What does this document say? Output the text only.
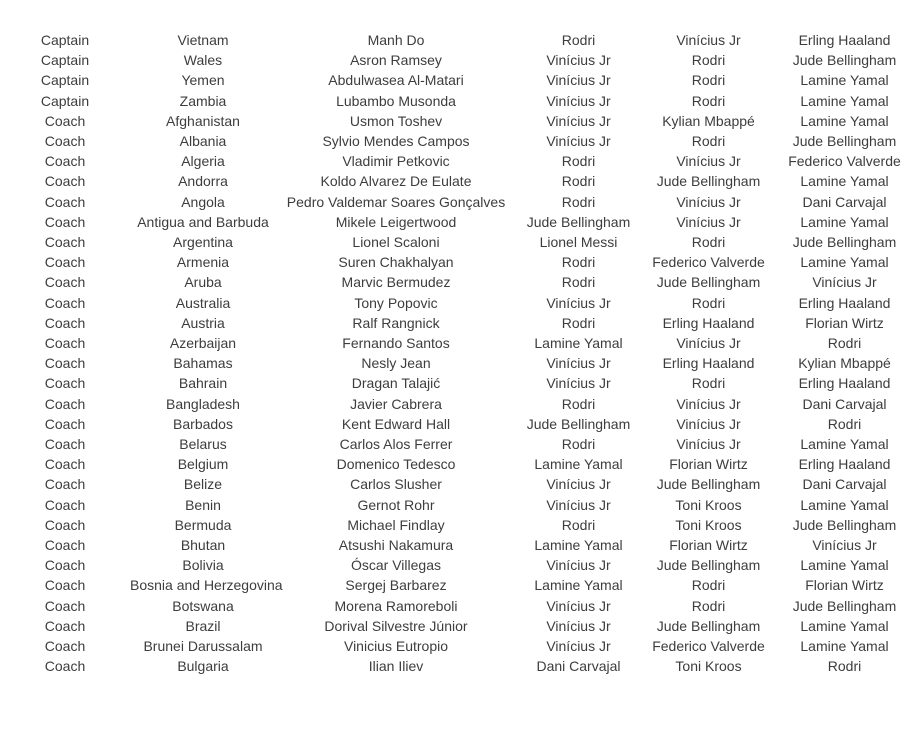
Captain	Vietnam	Manh Do	Rodri	Vinícius Jr	Erling Haaland
Captain	Wales	Asron Ramsey	Vinícius Jr	Rodri	Jude Bellingham
Captain	Yemen	Abdulwasea Al-Matari	Vinícius Jr	Rodri	Lamine Yamal
Captain	Zambia	Lubambo Musonda	Vinícius Jr	Rodri	Lamine Yamal
Coach	Afghanistan	Usmon Toshev	Vinícius Jr	Kylian Mbappé	Lamine Yamal
Coach	Albania	Sylvio Mendes Campos	Vinícius Jr	Rodri	Jude Bellingham
Coach	Algeria	Vladimir Petkovic	Rodri	Vinícius Jr	Federico Valverde
Coach	Andorra	Koldo Alvarez De Eulate	Rodri	Jude Bellingham	Lamine Yamal
Coach	Angola	Pedro Valdemar Soares Gonçalves	Rodri	Vinícius Jr	Dani Carvajal
Coach	Antigua and Barbuda	Mikele Leigertwood	Jude Bellingham	Vinícius Jr	Lamine Yamal
Coach	Argentina	Lionel Scaloni	Lionel Messi	Rodri	Jude Bellingham
Coach	Armenia	Suren Chakhalyan	Rodri	Federico Valverde	Lamine Yamal
Coach	Aruba	Marvic Bermudez	Rodri	Jude Bellingham	Vinícius Jr
Coach	Australia	Tony Popovic	Vinícius Jr	Rodri	Erling Haaland
Coach	Austria	Ralf Rangnick	Rodri	Erling Haaland	Florian Wirtz
Coach	Azerbaijan	Fernando Santos	Lamine Yamal	Vinícius Jr	Rodri
Coach	Bahamas	Nesly Jean	Vinícius Jr	Erling Haaland	Kylian Mbappé
Coach	Bahrain	Dragan Talajić	Vinícius Jr	Rodri	Erling Haaland
Coach	Bangladesh	Javier Cabrera	Rodri	Vinícius Jr	Dani Carvajal
Coach	Barbados	Kent Edward Hall	Jude Bellingham	Vinícius Jr	Rodri
Coach	Belarus	Carlos Alos Ferrer	Rodri	Vinícius Jr	Lamine Yamal
Coach	Belgium	Domenico Tedesco	Lamine Yamal	Florian Wirtz	Erling Haaland
Coach	Belize	Carlos Slusher	Vinícius Jr	Jude Bellingham	Dani Carvajal
Coach	Benin	Gernot Rohr	Vinícius Jr	Toni Kroos	Lamine Yamal
Coach	Bermuda	Michael Findlay	Rodri	Toni Kroos	Jude Bellingham
Coach	Bhutan	Atsushi Nakamura	Lamine Yamal	Florian Wirtz	Vinícius Jr
Coach	Bolivia	Óscar Villegas	Vinícius Jr	Jude Bellingham	Lamine Yamal
Coach	Bosnia and Herzegovina	Sergej Barbarez	Lamine Yamal	Rodri	Florian Wirtz
Coach	Botswana	Morena Ramoreboli	Vinícius Jr	Rodri	Jude Bellingham
Coach	Brazil	Dorival Silvestre Júnior	Vinícius Jr	Jude Bellingham	Lamine Yamal
Coach	Brunei Darussalam	Vinicius Eutropio	Vinícius Jr	Federico Valverde	Lamine Yamal
Coach	Bulgaria	Ilian Iliev	Dani Carvajal	Toni Kroos	Rodri
